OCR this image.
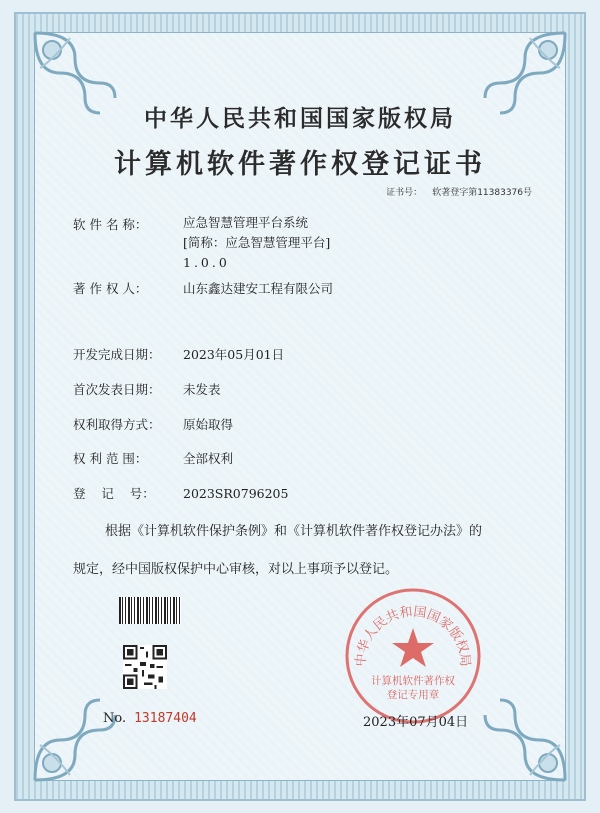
中华人民共和国国家版权局
计算机软件著作权登记证书
证书号： 软著登字第11383376号
软 件 名 称：	应急智慧管理平台系统
[简称：应急智慧管理平台]
1.0.0
著 作 权 人：	山东鑫达建安工程有限公司
开发完成日期： 2023年05月01日
首次发表日期： 未发表
权利取得方式： 原始取得
权 利 范 围：	全部权利
登    记    号： 2023SR0796205
根据《计算机软件保护条例》和《计算机软件著作权登记办法》的
规定，经中国版权保护中心审核，对以上事项予以登记。
中华人民共和国国家版权局
计算机软件著作权
登记专用章
No. 13187404	2023年07月04日
